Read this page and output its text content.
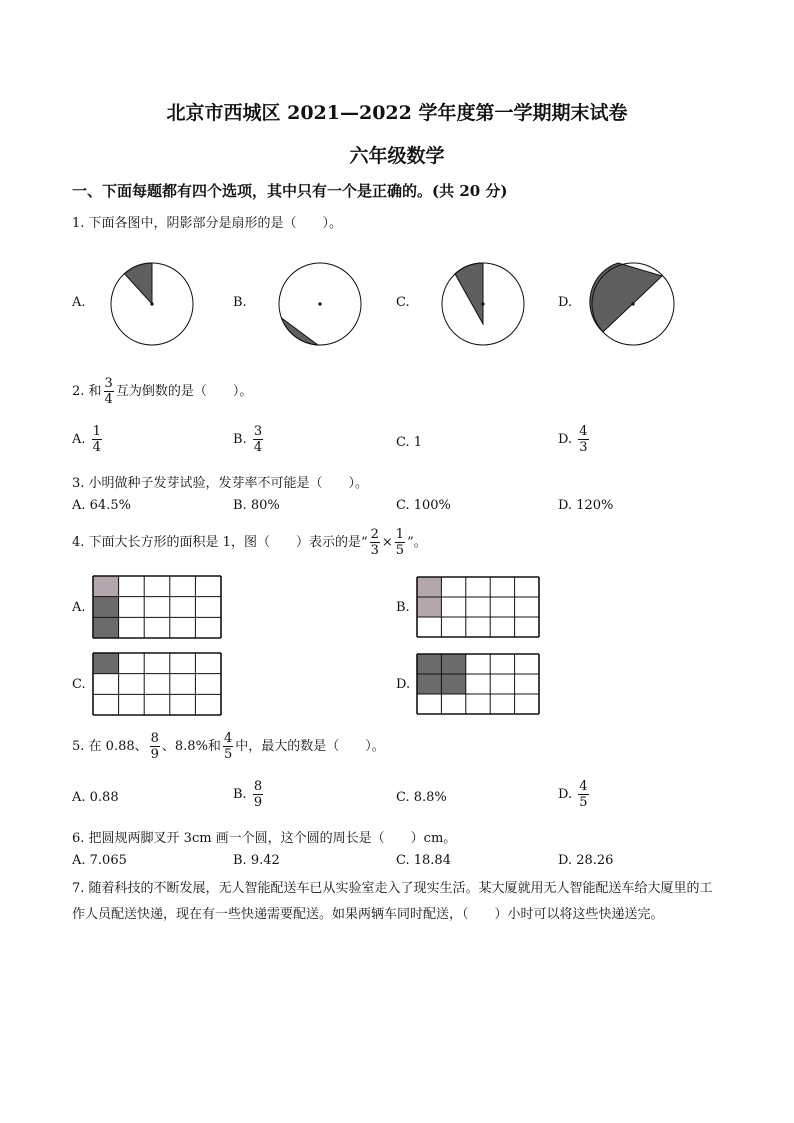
北京市西城区 2021—2022 学年度第一学期期末试卷
六年级数学
一、下面每题都有四个选项，其中只有一个是正确的。(共 20 分)
1. 下面各图中，阴影部分是扇形的是（　　）。
A.	B.	C.	D.
2. 和 $\frac{3}{4}$ 互为倒数的是（　　）。
A. $\frac{1}{4}$	B. $\frac{3}{4}$	C. 1	D. $\frac{4}{3}$
3. 小明做种子发芽试验，发芽率不可能是（　　）。
A. 64.5%	B. 80%	C. 100%	D. 120%
4. 下面大长方形的面积是 1，图（　　）表示的是“ $\frac{2}{3} \times \frac{1}{5}$ ”。
A.	B.
C.	D.
5. 在 0.88、 $\frac{8}{9}$ 、8.8%和 $\frac{4}{5}$ 中，最大的数是（　　）。
A. 0.88	B. $\frac{8}{9}$	C. 8.8%	D. $\frac{4}{5}$
6. 把圆规两脚叉开 3cm 画一个圆，这个圆的周长是（　　）cm。
A. 7.065	B. 9.42	C. 18.84	D. 28.26
7. 随着科技的不断发展，无人智能配送车已从实验室走入了现实生活。某大厦就用无人智能配送车给大厦里的工作人员配送快递，现在有一些快递需要配送。如果两辆车同时配送，（　　）小时可以将这些快递送完。
